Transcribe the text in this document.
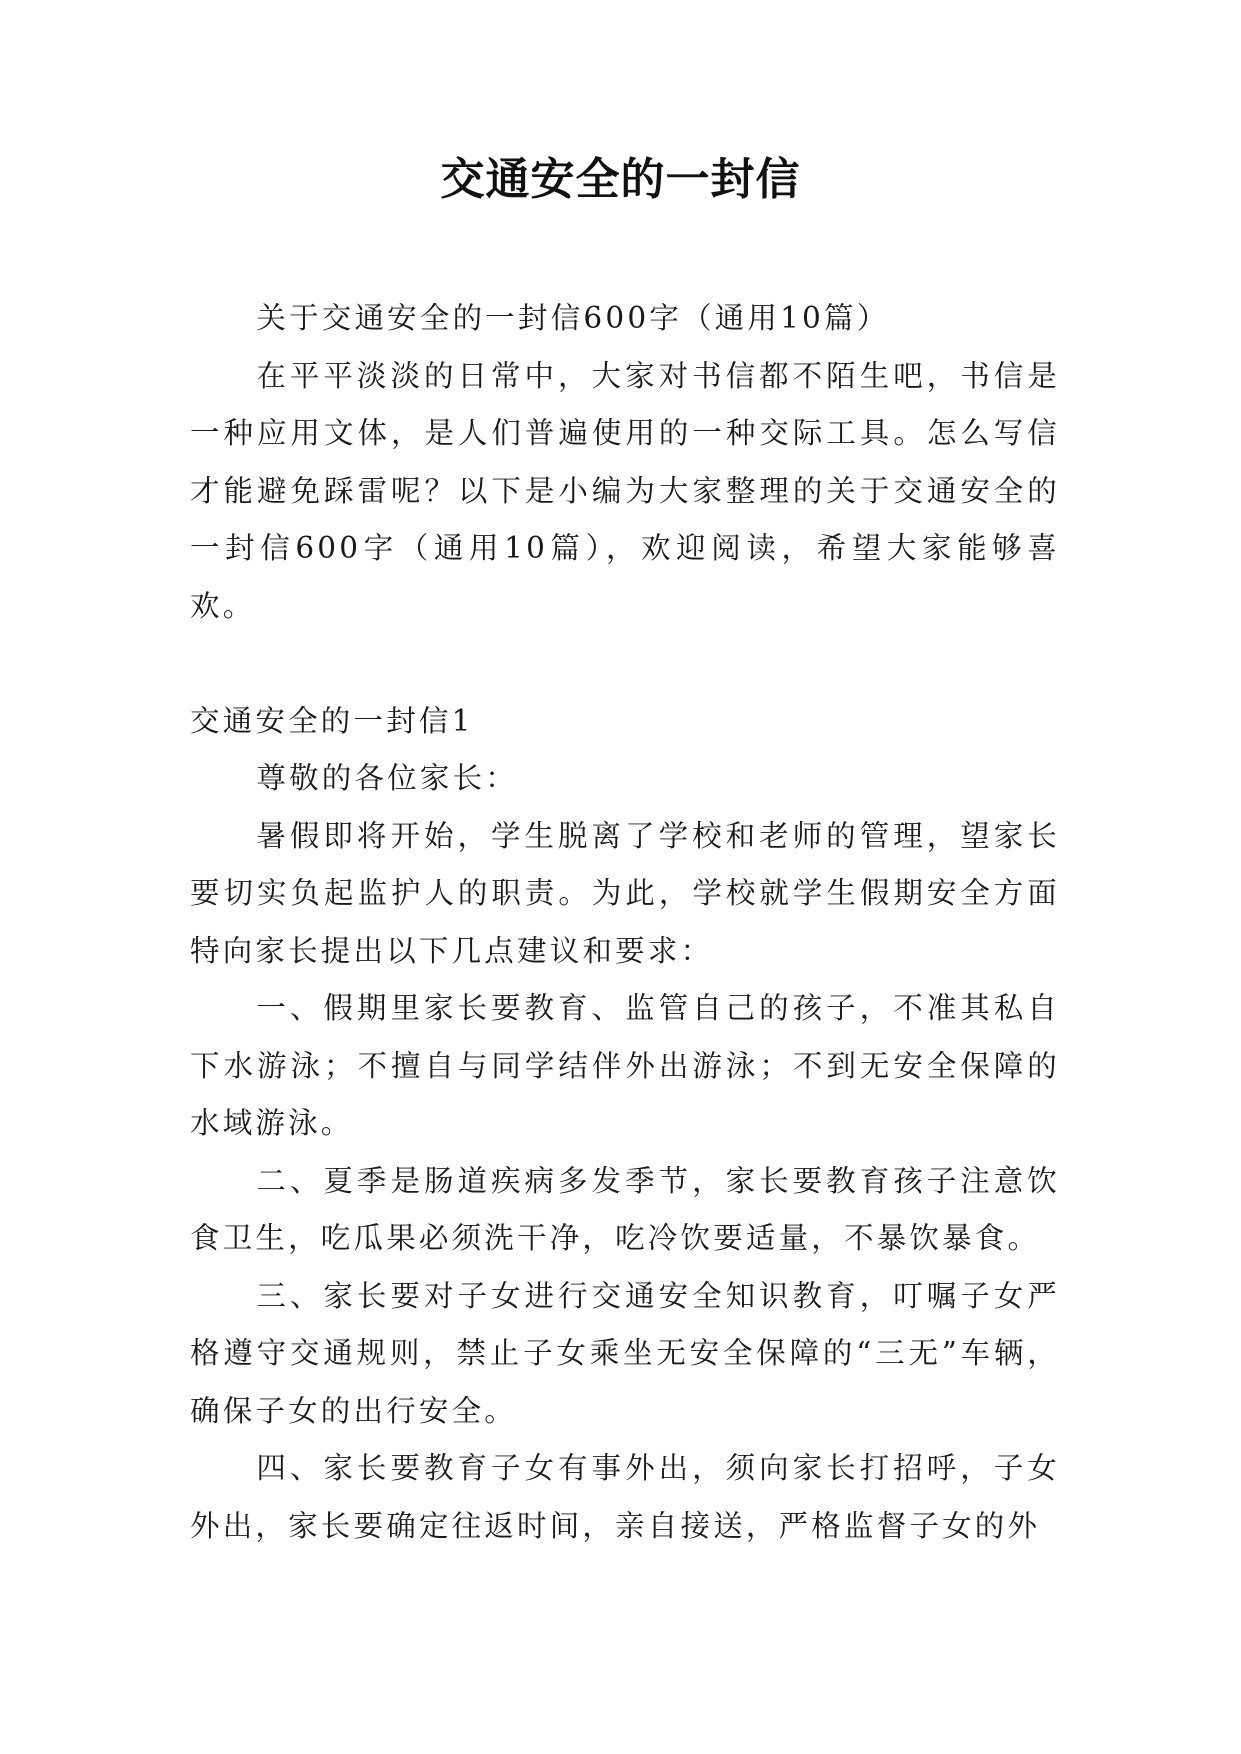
交通安全的一封信

关于交通安全的一封信600字（通用10篇）

在平平淡淡的日常中，大家对书信都不陌生吧，书信是一种应用文体，是人们普遍使用的一种交际工具。怎么写信才能避免踩雷呢？以下是小编为大家整理的关于交通安全的一封信600字（通用10篇），欢迎阅读，希望大家能够喜欢。

交通安全的一封信1

尊敬的各位家长：

暑假即将开始，学生脱离了学校和老师的管理，望家长要切实负起监护人的职责。为此，学校就学生假期安全方面特向家长提出以下几点建议和要求：

一、假期里家长要教育、监管自己的孩子，不准其私自下水游泳；不擅自与同学结伴外出游泳；不到无安全保障的水域游泳。

二、夏季是肠道疾病多发季节，家长要教育孩子注意饮食卫生，吃瓜果必须洗干净，吃冷饮要适量，不暴饮暴食。

三、家长要对子女进行交通安全知识教育，叮嘱子女严格遵守交通规则，禁止子女乘坐无安全保障的“三无”车辆，确保子女的出行安全。

四、家长要教育子女有事外出，须向家长打招呼，子女外出，家长要确定往返时间，亲自接送，严格监督子女的外
